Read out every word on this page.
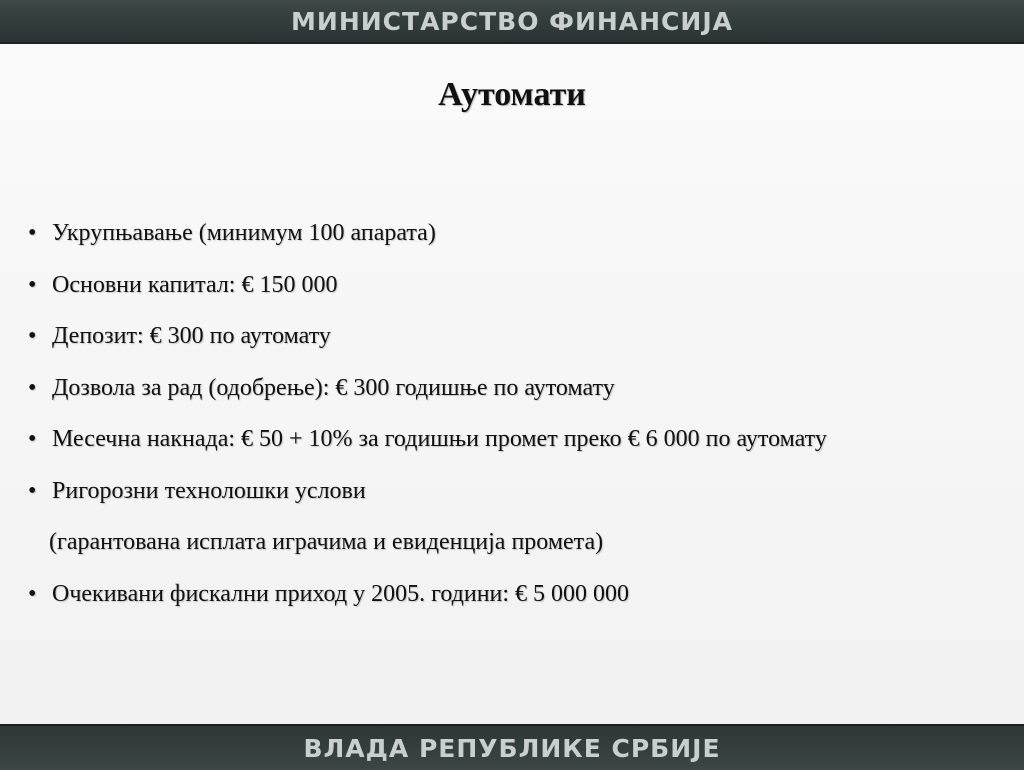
МИНИСТАРСТВО ФИНАНСИЈА
Аутомати
• Укрупњавање (минимум 100 апарата)
• Основни капитал: € 150 000
• Депозит: € 300 по аутомату
• Дозвола за рад (одобрење): € 300 годишње по аутомату
• Месечна накнада: € 50 + 10% за годишњи промет преко € 6 000 по аутомату
• Ригорозни технолошки услови
(гарантована исплата играчима и евиденција промета)
• Очекивани фискални приход у 2005. години: € 5 000 000
ВЛАДА РЕПУБЛИКЕ СРБИЈЕ
